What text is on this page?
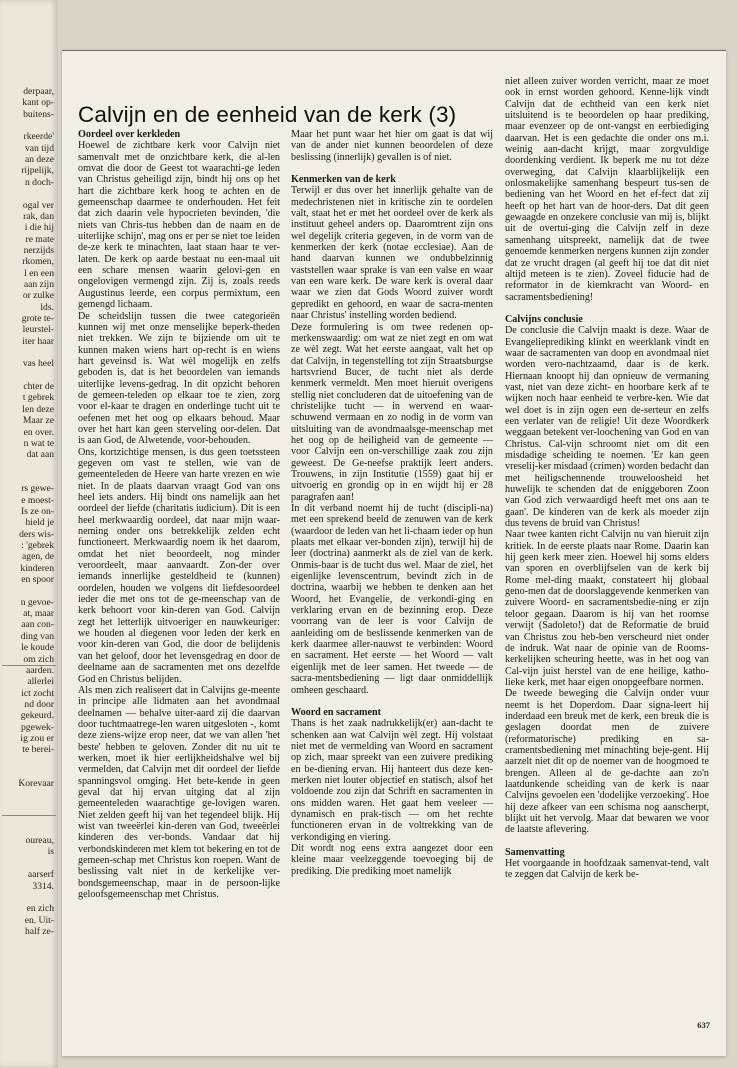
derpaar,
kant op-
buitens-
rkeerde'
van tijd
an deze
rijpelijk,
n doch-
ogal ver
rak, dan
i die hij
re mate
nerzijds
rkomen,
l en een
aan zijn
or zulke
lds.
grote te-
leurstel-
iter haar
vas heel
chter de
t gebrek
len deze
Maar ze
en over.
n wat te
dat aan
rs gewe-
e moest-
Is ze on-
hield je
ders wis-
: 'gebrek
agen, de
kinderen
en spoor
n gevoe-
at, maar
aan con-
ding van
le koude
om zich
aarden.
allerlei
ict zocht
nd door
gekeurd.
pgewek-
ig zou er
te berei-
Korevaar
oureau,
is
aarserf
3314.
en zich
en. Uit-
half ze-
Calvijn en de eenheid van de kerk (3)
Oordeel over kerkleden

Hoewel de zichtbare kerk voor Calvijn niet samenvalt met de onzichtbare kerk, die al-len omvat die door de Geest tot waarachti-ge leden van Christus geheiligd zijn, bindt hij ons op het hart die zichtbare kerk hoog te achten en de gemeenschap daarmee te onderhouden. Het feit dat zich daarin vele hypocrieten bevinden, 'die niets van Chris-tus hebben dan de naam en de uiterlijke schijn', mag ons er per se niet toe leiden de-ze kerk te minachten, laat staan haar te ver-laten. De kerk op aarde bestaat nu een-maal uit een schare mensen waarin gelovi-gen en ongelovigen vermengd zijn. Zij is, zoals reeds Augustinus leerde, een corpus permixtum, een gemengd lichaam.

De scheidslijn tussen die twee categorieën kunnen wij met onze menselijke beperk-theden niet trekken. We zijn te bijziende om uit te kunnen maken wiens hart op-recht is en wiens hart geveinsd is. Wat wèl mogelijk en zelfs geboden is, dat is het beoordelen van iemands uiterlijke levens-gedrag. In dit opzicht behoren de gemeen-teleden op elkaar toe te zien, zorg voor el-kaar te dragen en onderlinge tucht uit te oefenen met het oog op elkaars behoud. Maar over het hart kan geen sterveling oor-delen. Dat is aan God, de Alwetende, voor-behouden.

Ons, kortzichtige mensen, is dus geen toetssteen gegeven om vast te stellen, wie van de gemeenteleden de Heere van harte vrezen en wie niet. In de plaats daarvan vraagt God van ons heel iets anders. Hij bindt ons namelijk aan het oordeel der liefde (charitatis iudicium). Dit is een heel merkwaardig oordeel, dat naar mijn waar-neming onder ons betrekkelijk zelden echt functioneert. Merkwaardig noem ik het daarom, omdat het niet beoordeelt, nog minder veroordeelt, maar aanvaardt. Zon-der over iemands innerlijke gesteldheid te (kunnen) oordelen, houden we volgens dit liefdesoordeel ieder die met ons tot de ge-meenschap van de kerk behoort voor kin-deren van God. Calvijn zegt het letterlijk uitvoeriger en nauwkeuriger: we houden al diegenen voor leden der kerk en voor kin-deren van God, die door de belijdenis van het geloof, door het levensgedrag en door de deelname aan de sacramenten met ons dezelfde God en Christus belijden.

Als men zich realiseert dat in Calvijns ge-meente in principe alle lidmaten aan het avondmaal deelnamen — behalve uiter-aard zij die daarvan door tuchtmaatrege-len waren uitgesloten -, komt deze ziens-wijze erop neer, dat we van allen 'het beste' hebben te geloven. Zonder dit nu uit te werken, moet ik hier eerlijkheidshalve wel bij vermelden, dat Calvijn met dit oordeel der liefde spanningsvol omging. Het bete-kende in geen geval dat hij ervan uitging dat al zijn gemeenteleden waarachtige ge-lovigen waren. Niet zelden geeft hij van het tegendeel blijk. Hij wist van tweeërlei kin-deren van God, tweeërlei kinderen des ver-bonds. Vandaar dat hij verbondskinderen met klem tot bekering en tot de gemeen-schap met Christus kon roepen. Want de beslissing valt niet in de kerkelijke ver-bondsgemeenschap, maar in de persoon-lijke geloofsgemeenschap met Christus.

Maar het punt waar het hier om gaat is dat wij van de ander niet kunnen beoordelen of deze beslissing (innerlijk) gevallen is of niet.

Kenmerken van de kerk

Terwijl er dus over het innerlijk gehalte van de medechristenen niet in kritische zin te oordelen valt, staat het er met het oordeel over de kerk als instituut geheel anders op. Daaromtrent zijn ons wel degelijk criteria gegeven, in de vorm van de kenmerken der kerk (notae ecclesiae). Aan de hand daarvan kunnen we ondubbelzinnig vaststellen waar sprake is van een valse en waar van een ware kerk. De ware kerk is overal daar waar we zien dat Gods Woord zuiver wordt gepredikt en gehoord, en waar de sacra-menten naar Christus' instelling worden bediend.

Deze formulering is om twee redenen op-merkenswaardig: om wat ze niet zegt en om wat ze wèl zegt. Wat het eerste aangaat, valt het op dat Calvijn, in tegenstelling tot zijn Straatsburgse hartsvriend Bucer, de tucht niet als derde kenmerk vermeldt. Men moet hieruit overigens stellig niet concluderen dat de uitoefening van de christelijke tucht — in wervend en waar-schuwend vermaan en zo nodig in de vorm van uitsluiting van de avondmaalsge-meenschap met het oog op de heiligheid van de gemeente — voor Calvijn een on-verschillige zaak zou zijn geweest. De Ge-neefse praktijk leert anders. Trouwens, in zijn Institutie (1559) gaat hij er uitvoerig en grondig op in en wijdt hij er 28 paragrafen aan!

In dit verband noemt hij de tucht (discipli-na) met een sprekend beeld de zenuwen van de kerk (waardoor de leden van het li-chaam ieder op hun plaats met elkaar ver-bonden zijn), terwijl hij de leer (doctrina) aanmerkt als de ziel van de kerk. Onmis-baar is de tucht dus wel. Maar de ziel, het eigenlijke levenscentrum, bevindt zich in de doctrina, waarbij we hebben te denken aan het Woord, het Evangelie, de verkondi-ging en verklaring ervan en de bezinning erop. Deze voorrang van de leer is voor Calvijn de aanleiding om de beslissende kenmerken van de kerk daarmee aller-nauwst te verbinden: Woord en sacrament. Het eerste — het Woord — valt eigenlijk met de leer samen. Het tweede — de sacra-mentsbediening — ligt daar onmiddellijk omheen geschaard.

Woord en sacrament

Thans is het zaak nadrukkelijk(er) aan-dacht te schenken aan wat Calvijn wèl zegt. Hij volstaat niet met de vermelding van Woord en sacrament op zich, maar spreekt van een zuivere prediking en be-diening ervan. Hij hanteert dus deze ken-merken niet louter objectief en statisch, alsof het voldoende zou zijn dat Schrift en sacramenten in ons midden waren. Het gaat hem veeleer — dynamisch en prak-tisch — om het rechte functioneren ervan in de voltrekking van de verkondiging en viering.

Dit wordt nog eens extra aangezet door een kleine maar veelzeggende toevoeging bij de prediking. Die prediking moet namelijk

niet alleen zuiver worden verricht, maar ze moet ook in ernst worden gehoord. Kenne-lijk vindt Calvijn dat de echtheid van een kerk niet uitsluitend is te beoordelen op haar prediking, maar evenzeer op de ont-vangst en eerbiediging daarvan. Het is een gedachte die onder ons m.i. weinig aan-dacht krijgt, maar zorgvuldige doordenking verdient. Ik beperk me nu tot déze overweging, dat Calvijn klaarblijkelijk een onlosmakelijke samenhang bespeurt tus-sen de bediening van het Woord en het ef-fect dat zij heeft op het hart van de hoor-ders. Dat dit geen gewaagde en onzekere conclusie van mij is, blijkt uit de overtui-ging die Calvijn zelf in deze samenhang uitspreekt, namelijk dat de twee genoemde kenmerken nergens kunnen zijn zonder dat ze vrucht dragen (al geeft hij toe dat dit niet altijd meteen is te zien). Zoveel fiducie had de reformator in de kiemkracht van Woord- en sacramentsbediening!

Calvijns conclusie

De conclusie die Calvijn maakt is deze. Waar de Evangelieprediking klinkt en weerklank vindt en waar de sacramenten van doop en avondmaal niet worden vero-nachtzaamd, daar is de kerk. Hiernaan knoopt hij dan opnieuw de vermaning vast, niet van deze zicht- en hoorbare kerk af te wijken noch haar eenheid te verbre-ken. Wie dat wel doet is in zijn ogen een de-serteur en zelfs een verlater van de religie! Uit deze Woordkerk weggaan betekent ver-loochening van God en van Christus. Cal-vijn schroomt niet om dit een misdadige scheiding te noemen. 'Er kan geen vreselij-ker misdaad (crimen) worden bedacht dan met heiligschennende trouweloosheid het huwelijk te schenden dat de eniggeboren Zoon van God zich verwaardigd heeft met ons aan te gaan'. De kinderen van de kerk als moeder zijn dus tevens de bruid van Christus!

Naar twee kanten richt Calvijn nu van hieruit zijn kritiek. In de eerste plaats naar Rome. Daarin kan hij geen kerk meer zien. Hoewel hij soms elders van sporen en overblijfselen van de kerk bij Rome mel-ding maakt, constateert hij globaal geno-men dat de doorslaggevende kenmerken van zuivere Woord- en sacramentsbedie-ning er zijn teloor gegaan. Daarom is hij van het roomse verwijt (Sadoleto!) dat de Reformatie de bruid van Christus zou heb-ben verscheurd niet onder de indruk. Wat naar de opinie van de Rooms-kerkelijken scheuring heette, was in het oog van Cal-vijn juist herstel van de ene heilige, katho-lieke kerk, met haar eigen onopgeefbare normen.

De tweede beweging die Calvijn onder vuur neemt is het Doperdom. Daar signa-leert hij inderdaad een breuk met de kerk, een breuk die is geslagen doordat men de zuivere (reformatorische) prediking en sa-cramentsbediening met minachting beje-gent. Hij aarzelt niet dit op de noemer van de hoogmoed te brengen. Alleen al de ge-dachte aan zo'n laatdunkende scheiding van de kerk is naar Calvijns gevoelen een 'dodelijke verzoeking'. Hoe hij deze afkeer van een schisma nog aanscherpt, blijkt uit het vervolg. Maar dat bewaren we voor de laatste aflevering.

Samenvatting

Het voorgaande in hoofdzaak samenvat-tend, valt te zeggen dat Calvijn de kerk be-

637
